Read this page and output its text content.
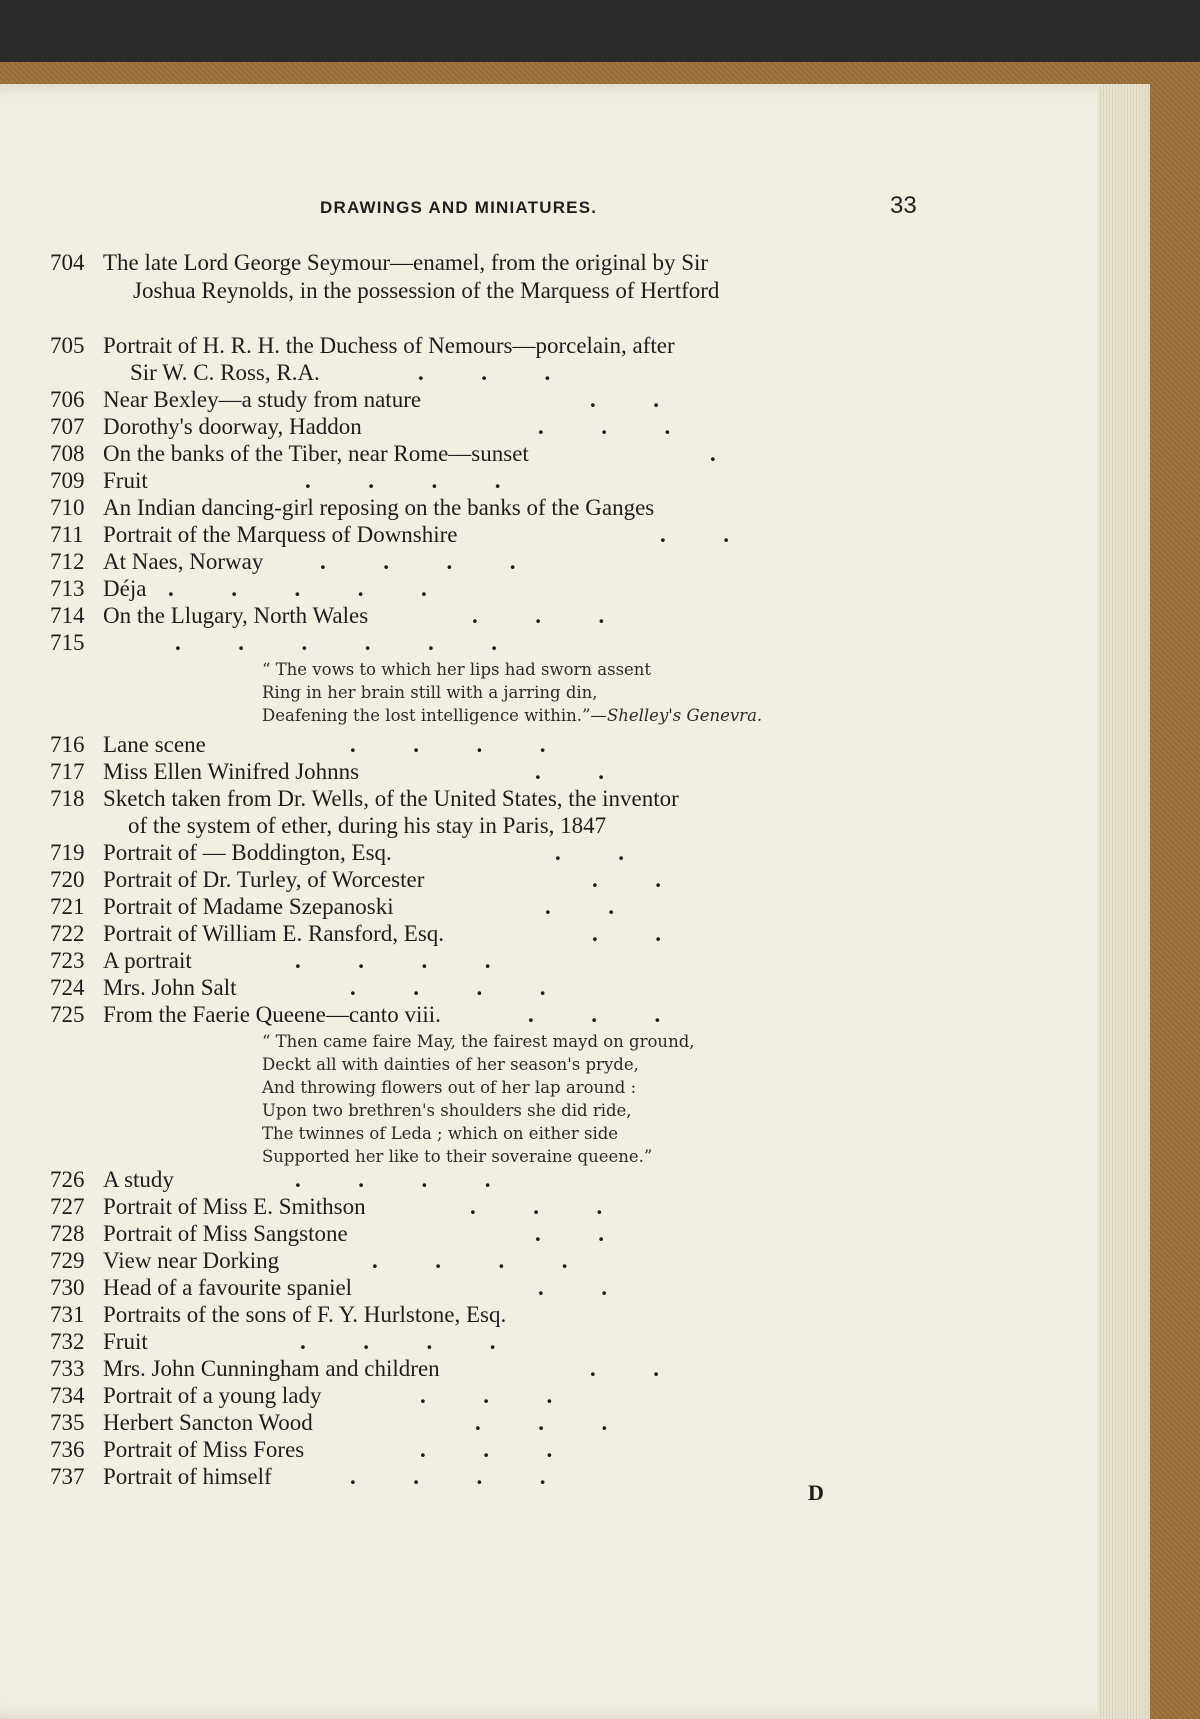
DRAWINGS AND MINIATURES.	33
704 The late Lord George Seymour—enamel, from the original by Sir
Joshua Reynolds, in the possession of the Marquess of Hertford
705 Portrait of H. R. H. the Duchess of Nemours—porcelain, after
Sir W. C. Ross, R.A.	.          .          .
706 Near Bexley—a study from nature	.          .
707 Dorothy's doorway, Haddon	.          .          .
708 On the banks of the Tiber, near Rome—sunset	.
709 Fruit	.          .          .          .
710 An Indian dancing-girl reposing on the banks of the Ganges
711 Portrait of the Marquess of Downshire	.          .
712 At Naes, Norway .          .          .          .
713 Déja .          .          .          .          .
714 On the Llugary, North Wales	.          .          .
715	.          .          .          .          .          .
“ The vows to which her lips had sworn assent
Ring in her brain still with a jarring din,
Deafening the lost intelligence within.”—Shelley's Genevra.
716 Lane scene	.          .          .          .
717 Miss Ellen Winifred Johnns	.          .
718 Sketch taken from Dr. Wells, of the United States, the inventor
of the system of ether, during his stay in Paris, 1847
719 Portrait of — Boddington, Esq.	.          .
720 Portrait of Dr. Turley, of Worcester	.          .
721 Portrait of Madame Szepanoski	.          .
722 Portrait of William E. Ransford, Esq.	.          .
723 A portrait	.          .          .          .
724 Mrs. John Salt	.          .          .          .
725 From the Faerie Queene—canto viii.	.          .          .
“ Then came faire May, the fairest mayd on ground,
Deckt all with dainties of her season's pryde,
And throwing flowers out of her lap around :
Upon two brethren's shoulders she did ride,
The twinnes of Leda ; which on either side
Supported her like to their soveraine queene.”
726 A study	.          .          .          .
727 Portrait of Miss E. Smithson	.          .          .
728 Portrait of Miss Sangstone	.          .
729 View near Dorking	.          .          .          .
730 Head of a favourite spaniel	.          .
731 Portraits of the sons of F. Y. Hurlstone, Esq.
732 Fruit	.          .          .          .
733 Mrs. John Cunningham and children	.          .
734 Portrait of a young lady	.          .          .
735 Herbert Sancton Wood	.          .          .
736 Portrait of Miss Fores	.          .          .
737 Portrait of himself	.          .          .          .
D
